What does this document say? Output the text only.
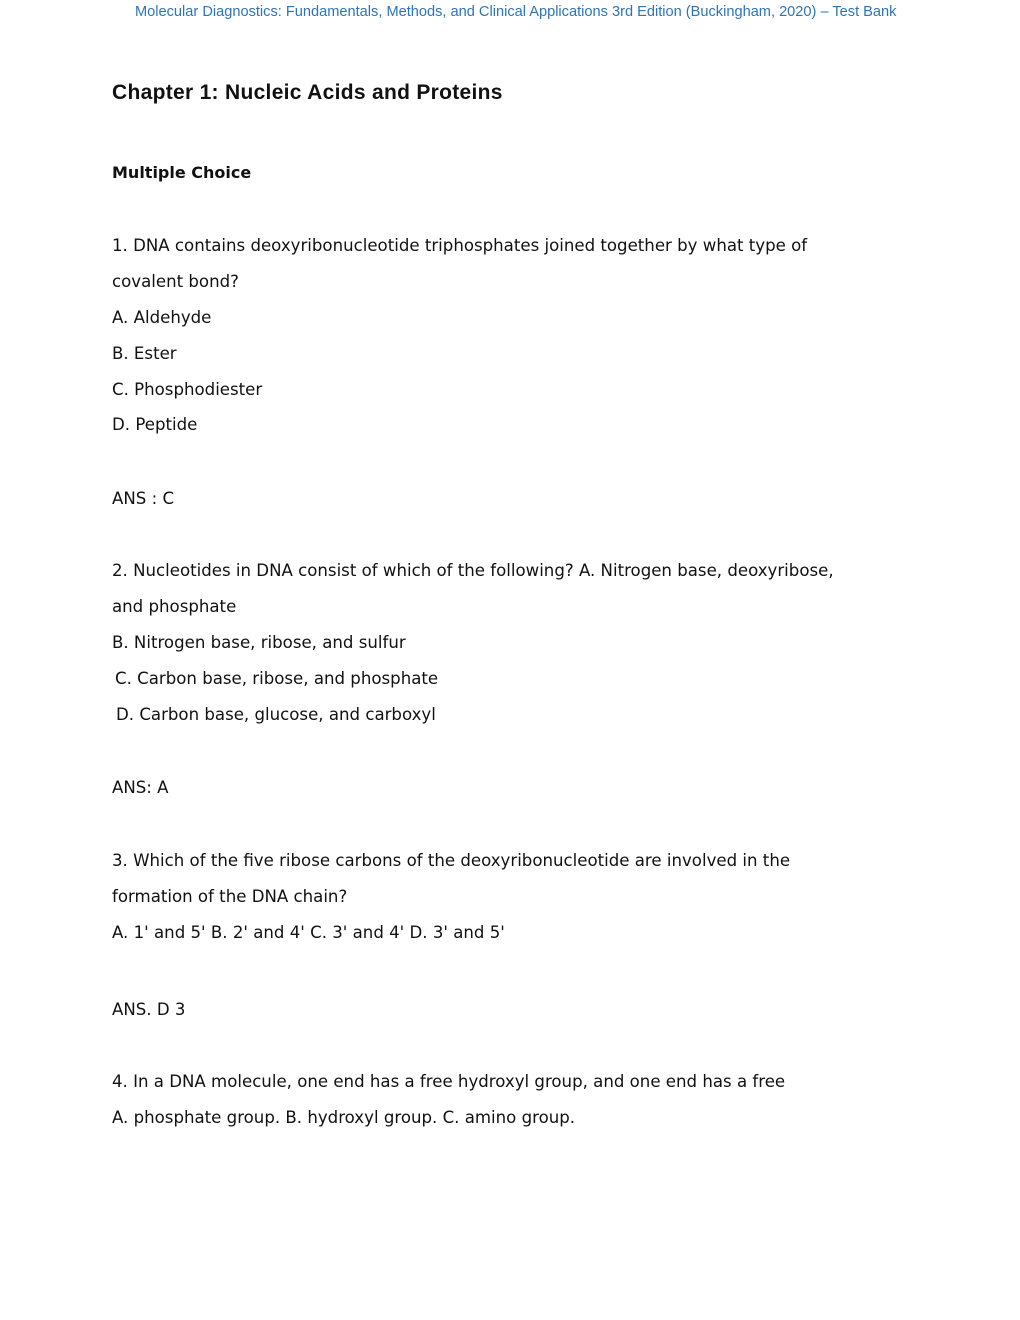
Molecular Diagnostics: Fundamentals, Methods, and Clinical Applications 3rd Edition (Buckingham, 2020) – Test Bank
Chapter 1: Nucleic Acids and Proteins
Multiple Choice
1. DNA contains deoxyribonucleotide triphosphates joined together by what type of
covalent bond?
A. Aldehyde
B. Ester
C. Phosphodiester
D. Peptide
ANS : C
2. Nucleotides in DNA consist of which of the following? A. Nitrogen base, deoxyribose,
and phosphate
B. Nitrogen base, ribose, and sulfur
C. Carbon base, ribose, and phosphate
D. Carbon base, glucose, and carboxyl
ANS: A
3. Which of the five ribose carbons of the deoxyribonucleotide are involved in the
formation of the DNA chain?
A. 1' and 5' B. 2' and 4' C. 3' and 4' D. 3' and 5'
ANS. D 3
4. In a DNA molecule, one end has a free hydroxyl group, and one end has a free
A. phosphate group. B. hydroxyl group. C. amino group.
